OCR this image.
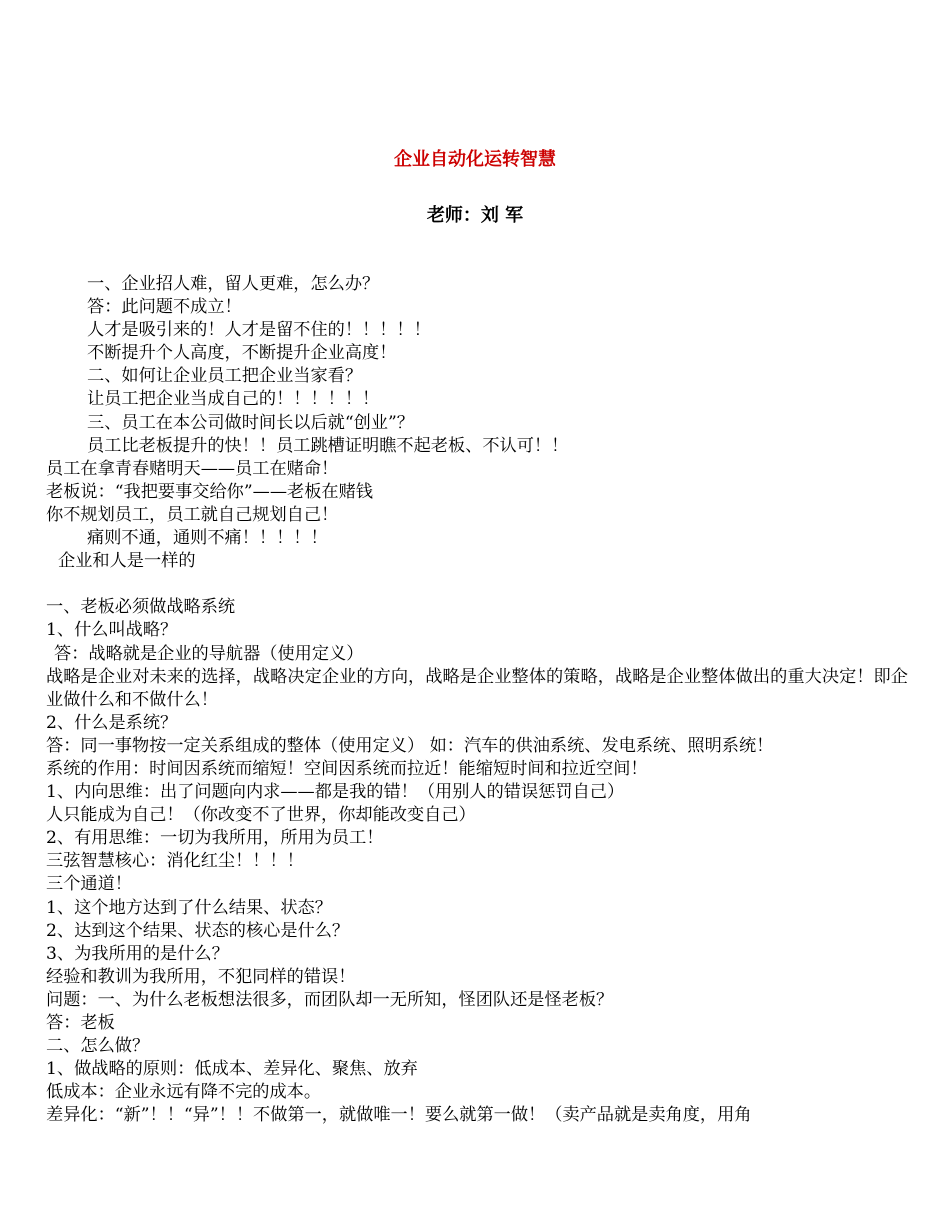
企业自动化运转智慧
老师：刘 军
一、企业招人难，留人更难，怎么办？
答：此问题不成立！
人才是吸引来的！人才是留不住的！！！！！
不断提升个人高度，不断提升企业高度！
二、如何让企业员工把企业当家看？
让员工把企业当成自己的！！！！！！
三、员工在本公司做时间长以后就“创业”？
员工比老板提升的快！！员工跳槽证明瞧不起老板、不认可！！
员工在拿青春赌明天——员工在赌命！
老板说：“我把要事交给你”——老板在赌钱
你不规划员工，员工就自己规划自己！
痛则不通，通则不痛！！！！！
企业和人是一样的
一、老板必须做战略系统
1、什么叫战略？
答：战略就是企业的导航器（使用定义）
战略是企业对未来的选择，战略决定企业的方向，战略是企业整体的策略，战略是企业整体做出的重大决定！即企业做什么和不做什么！
2、什么是系统？
答：同一事物按一定关系组成的整体（使用定义） 如：汽车的供油系统、发电系统、照明系统！
系统的作用：时间因系统而缩短！空间因系统而拉近！能缩短时间和拉近空间！
1、内向思维：出了问题向内求——都是我的错！（用别人的错误惩罚自己）
人只能成为自己！（你改变不了世界，你却能改变自己）
2、有用思维：一切为我所用，所用为员工！
三弦智慧核心：消化红尘！！！！
三个通道！
1、这个地方达到了什么结果、状态？
2、达到这个结果、状态的核心是什么？
3、为我所用的是什么？
经验和教训为我所用，不犯同样的错误！
问题：一、为什么老板想法很多，而团队却一无所知，怪团队还是怪老板？
答：老板
二、怎么做？
1、做战略的原则：低成本、差异化、聚焦、放弃
低成本：企业永远有降不完的成本。
差异化：“新”！！“异”！！不做第一，就做唯一！要么就第一做！（卖产品就是卖角度，用角
